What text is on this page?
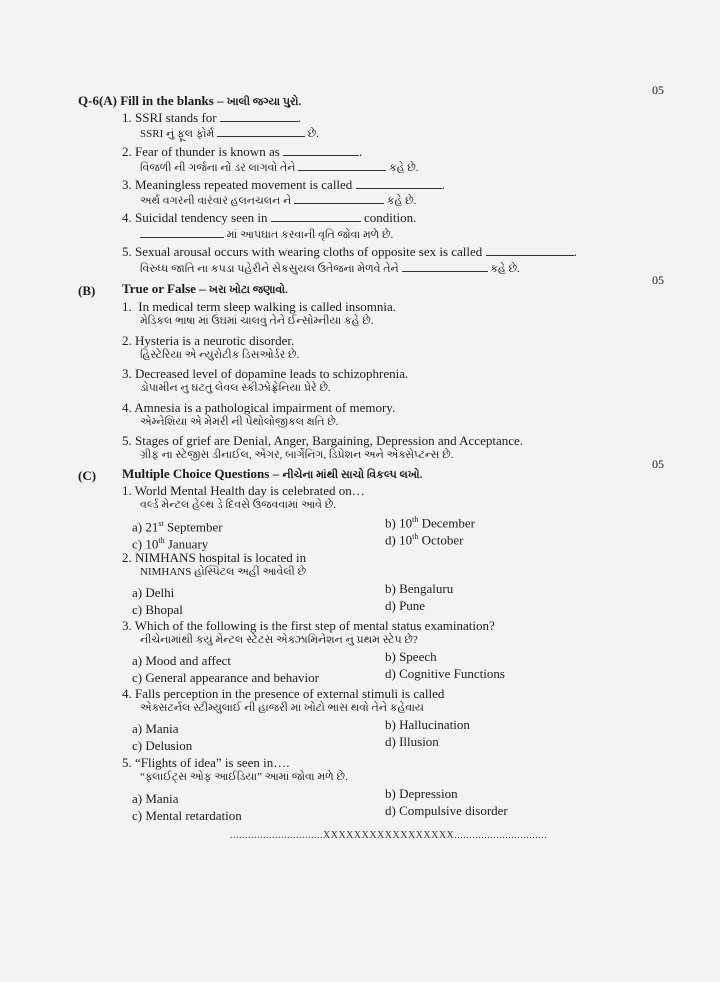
05
05
05
Q-6(A) Fill in the blanks – ખાલી જગ્યા પુરો.
1. SSRI stands for	.
SSRI નું ફૂલ ફોર્મ	છે.
2. Fear of thunder is known as	.
વિજળી ની ગર્જના નો ડર લાગવો તેને	કહે છે.
3. Meaningless repeated movement is called	.
અર્થ વગરની વારંવાર હલનચલન ને	કહે છે.
4. Suicidal tendency seen in	condition.
માં આપઘાત કરવાની વૃતિ જોવા મળે છે.
5. Sexual arousal occurs with wearing cloths of opposite sex is called	.
વિરુધ્ધ જાતિ ના કપડા પહેરીને સેકસુયલ ઉતેજના મેળવે તેને	કહે છે.
(B) True or False – ખરા ખોટા જણાવો.
1. In medical term sleep walking is called insomnia.
મેડિકલ ભાષા માં ઉંઘમાં ચાલવું તેને ઈન્સોમ્નીયા કહે છે.
2. Hysteria is a neurotic disorder.
હિસ્ટેરિયા એ ન્યુરોટીક ડિસઓર્ડર છે.
3. Decreased level of dopamine leads to schizophrenia.
ડોપામીન નુ ઘટતુ લેવલ સ્કીઝોફ્રેનિયા પ્રેરે છે.
4. Amnesia is a pathological impairment of memory.
એમ્નેશિયા એ મેમરી ની પેથોલોજીકલ ક્ષતિ છે.
5. Stages of grief are Denial, Anger, Bargaining, Depression and Acceptance.
ગ્રીફ ના સ્ટેજીસ ડીનાઈલ, એંગર, બાર્ગેનિંગ, ડિપ્રેશન અને એક્સેપ્ટન્સ છે.
(C) Multiple Choice Questions – નીચેના માંથી સાચો વિકલ્પ લખો.
1. World Mental Health day is celebrated on…
વર્લ્ડ મેન્ટલ હેલ્થ ડે દિવસે ઉજવવામાં આવે છે.
a) 21st September	b) 10th December
c) 10th January	d) 10th October
2. NIMHANS hospital is located in
NIMHANS હોસ્પિટલ અહીં આવેલી છે
a) Delhi	b) Bengaluru
c) Bhopal	d) Pune
3. Which of the following is the first step of mental status examination?
નીચેનામાંથી કયું મેન્ટલ સ્ટેટસ એક્ઝામિનેશન નું પ્રથમ સ્ટેપ છે?
a) Mood and affect	b) Speech
c) General appearance and behavior	d) Cognitive Functions
4. Falls perception in the presence of external stimuli is called
એક્સટર્નલ સ્ટીમ્યુલાઈ ની હાજરી માં ખોટો ભાસ થવો તેને કહેવાય
a) Mania	b) Hallucination
c) Delusion	d) Illusion
5. “Flights of idea” is seen in….
“ફ્લાઈટ્સ ઓફ આઈડિયા” આમાં જોવા મળે છે.
a) Mania	b) Depression
c) Mental retardation	d) Compulsive disorder
...............................XXXXXXXXXXXXXXXXX...............................
